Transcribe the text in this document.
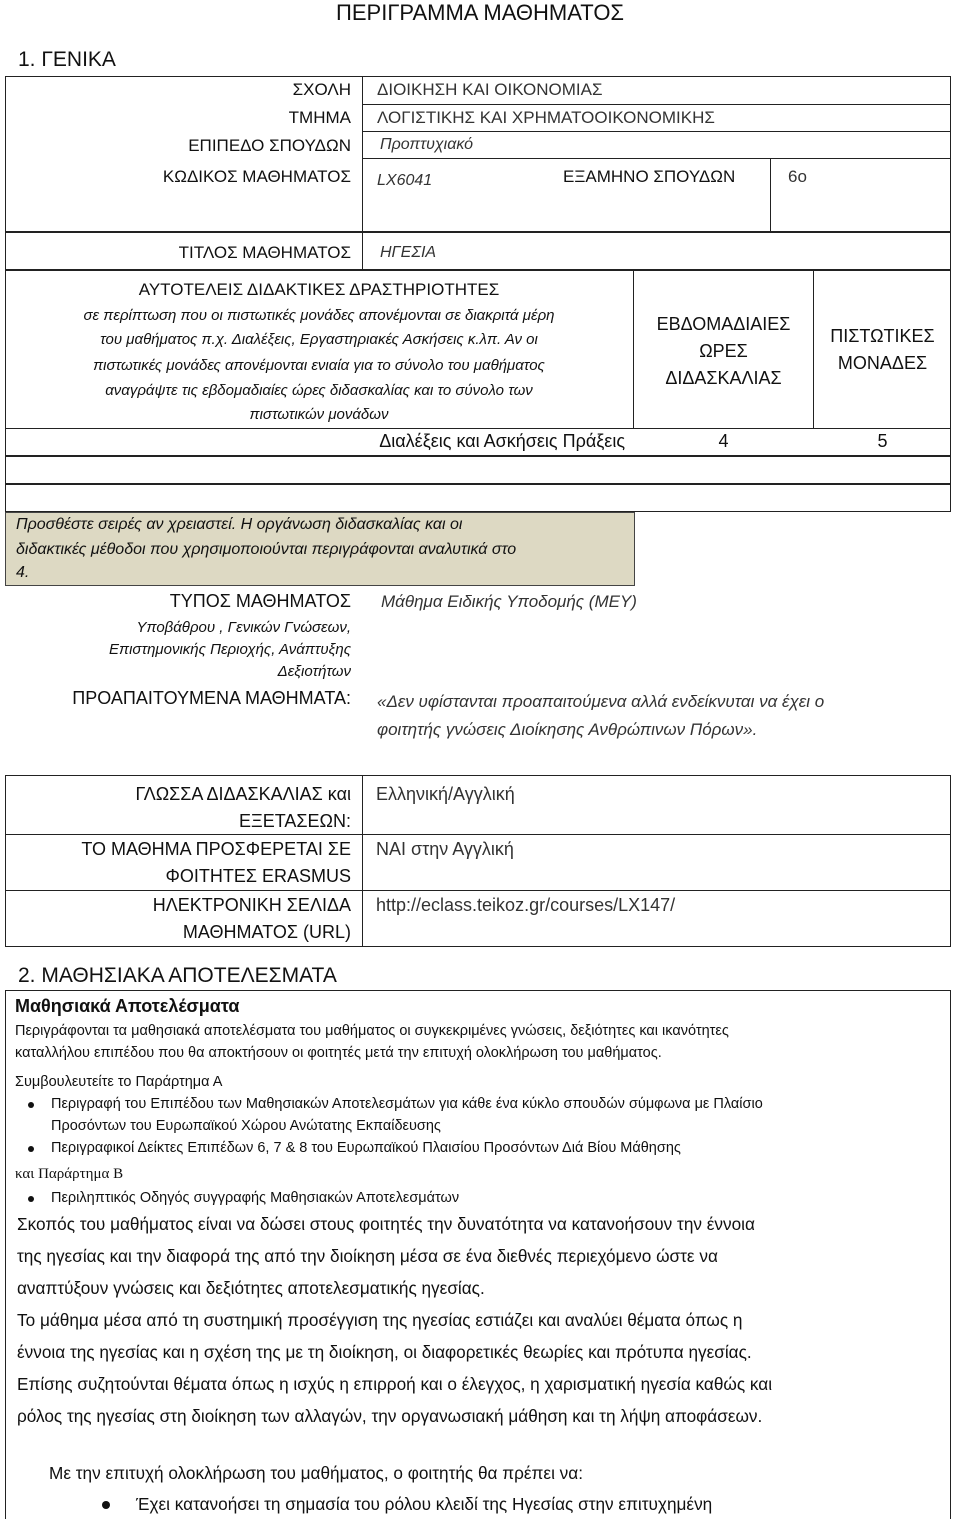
ΠΕΡΙΓΡΑΜΜΑ ΜΑΘΗΜΑΤΟΣ
1. ΓΕΝΙΚΑ
ΣΧΟΛΗ ΔΙΟΙΚΗΣΗ ΚΑΙ ΟΙΚΟΝΟΜΙΑΣ
ΤΜΗΜΑ ΛΟΓΙΣΤΙΚΗΣ ΚΑΙ ΧΡΗΜΑΤΟΟΙΚΟΝΟΜΙΚΗΣ
ΕΠΙΠΕΔΟ ΣΠΟΥΔΩΝ Προπτυχιακό
ΚΩΔΙΚΟΣ ΜΑΘΗΜΑΤΟΣ LX6041	ΕΞΑΜΗΝΟ ΣΠΟΥΔΩΝ	6ο
ΤΙΤΛΟΣ ΜΑΘΗΜΑΤΟΣ ΗΓΕΣΙΑ
ΑΥΤΟΤΕΛΕΙΣ ΔΙΔΑΚΤΙΚΕΣ ΔΡΑΣΤΗΡΙΟΤΗΤΕΣ
σε περίπτωση που οι πιστωτικές μονάδες απονέμονται σε διακριτά μέρη
του μαθήματος π.χ. Διαλέξεις, Εργαστηριακές Ασκήσεις κ.λπ. Αν οι
πιστωτικές μονάδες απονέμονται ενιαία για το σύνολο του μαθήματος
αναγράψτε τις εβδομαδιαίες ώρες διδασκαλίας και το σύνολο των
πιστωτικών μονάδων
ΕΒΔΟΜΑΔΙΑΙΕΣ
ΩΡΕΣ
ΔΙΔΑΣΚΑΛΙΑΣ
ΠΙΣΤΩΤΙΚΕΣ
ΜΟΝΑΔΕΣ
Διαλέξεις και Ασκήσεις Πράξεις	4	5
Προσθέστε σειρές αν χρειαστεί. Η οργάνωση διδασκαλίας και οι
διδακτικές μέθοδοι που χρησιμοποιούνται περιγράφονται αναλυτικά στο
4.
ΤΥΠΟΣ ΜΑΘΗΜΑΤΟΣ
Υποβάθρου , Γενικών Γνώσεων,
Επιστημονικής Περιοχής, Ανάπτυξης
Δεξιοτήτων
Μάθημα Ειδικής Υποδομής (ΜΕΥ)
ΠΡΟΑΠΑΙΤΟΥΜΕΝΑ ΜΑΘΗΜΑΤΑ: «Δεν υφίστανται προαπαιτούμενα αλλά ενδείκνυται να έχει ο
φοιτητής γνώσεις Διοίκησης Ανθρώπινων Πόρων».
ΓΛΩΣΣΑ ΔΙΔΑΣΚΑΛΙΑΣ και
ΕΞΕΤΑΣΕΩΝ:
Ελληνική/Αγγλική
ΤΟ ΜΑΘΗΜΑ ΠΡΟΣΦΕΡΕΤΑΙ ΣΕ
ΦΟΙΤΗΤΕΣ ERASMUS
ΝΑΙ στην Αγγλική
ΗΛΕΚΤΡΟΝΙΚΗ ΣΕΛΙΔΑ
ΜΑΘΗΜΑΤΟΣ (URL)
http://eclass.teikoz.gr/courses/LX147/
2. ΜΑΘΗΣΙΑΚΑ ΑΠΟΤΕΛΕΣΜΑΤΑ
Μαθησιακά Αποτελέσματα
Περιγράφονται τα μαθησιακά αποτελέσματα του μαθήματος οι συγκεκριμένες γνώσεις, δεξιότητες και ικανότητες
καταλλήλου επιπέδου που θα αποκτήσουν οι φοιτητές μετά την επιτυχή ολοκλήρωση του μαθήματος.
Συμβουλευτείτε το Παράρτημα Α
Περιγραφή του Επιπέδου των Μαθησιακών Αποτελεσμάτων για κάθε ένα κύκλο σπουδών σύμφωνα με Πλαίσιο
Προσόντων του Ευρωπαϊκού Χώρου Ανώτατης Εκπαίδευσης
Περιγραφικοί Δείκτες Επιπέδων 6, 7 & 8 του Ευρωπαϊκού Πλαισίου Προσόντων Διά Βίου Μάθησης
και Παράρτημα Β
Περιληπτικός Οδηγός συγγραφής Μαθησιακών Αποτελεσμάτων
Σκοπός του μαθήματος είναι να δώσει στους φοιτητές την δυνατότητα να κατανοήσουν την έννοια
της ηγεσίας και την διαφορά της από την διοίκηση μέσα σε ένα διεθνές περιεχόμενο ώστε να
αναπτύξουν γνώσεις και δεξιότητες αποτελεσματικής ηγεσίας.
Το μάθημα μέσα από τη συστημική προσέγγιση της ηγεσίας εστιάζει και αναλύει θέματα όπως η
έννοια της ηγεσίας και η σχέση της με τη διοίκηση, οι διαφορετικές θεωρίες και πρότυπα ηγεσίας.
Επίσης συζητούνται θέματα όπως η ισχύς η επιρροή και ο έλεγχος, η χαρισματική ηγεσία καθώς και
ρόλος της ηγεσίας στη διοίκηση των αλλαγών, την οργανωσιακή μάθηση και τη λήψη αποφάσεων.
Με την επιτυχή ολοκλήρωση του μαθήματος, ο φοιτητής θα πρέπει να:
Έχει κατανοήσει τη σημασία του ρόλου κλειδί της Ηγεσίας στην επιτυχημένη
